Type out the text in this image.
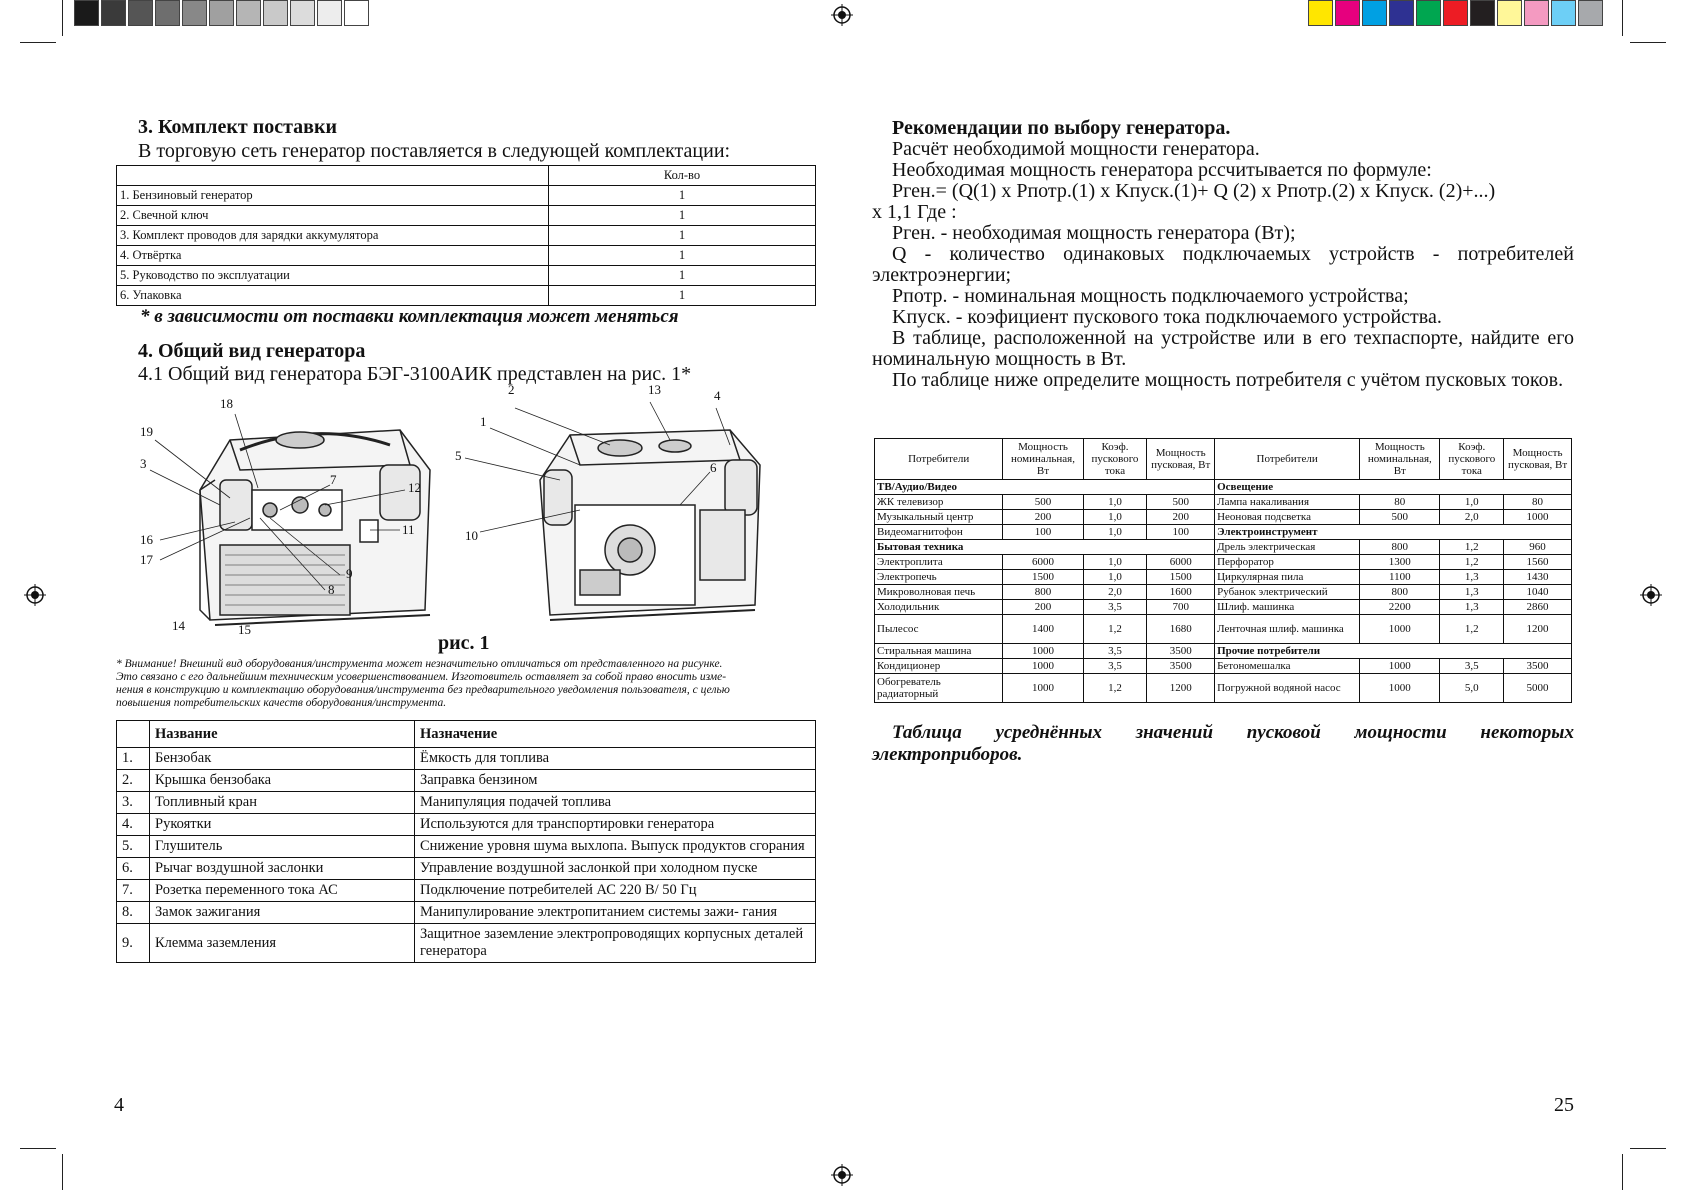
3. Комплект поставки
В торговую сеть генератор поставляется в следующей комплектации:
	Кол-во
1. Бензиновый генератор	1
2. Свечной ключ	1
3. Комплект проводов для зарядки аккумулятора	1
4. Отвёртка	1
5. Руководство по эксплуатации	1
6. Упаковка	1
* в зависимости от поставки комплектация может меняться
4. Общий вид генератора
4.1 Общий вид генератора БЭГ-3100АИК представлен на рис. 1*
18
19
3
7
12
16
17
11
14	15
8
9
2	13	4
1
5
6
10
рис. 1
* Внимание! Внешний вид оборудования/инструмента может незначительно отличаться от представленного на рисунке.
Это связано с его дальнейшим техническим усовершенствованием. Изготовитель оставляет за собой право вносить изме-
нения в конструкцию и комплектацию оборудования/инструмента без предварительного уведомления пользователя, с целью
повышения потребительских качеств оборудования/инструмента.
	Название	Назначение
1.	Бензобак	Ёмкость для топлива
2.	Крышка бензобака	Заправка бензином
3.	Топливный кран	Манипуляция подачей топлива
4.	Рукоятки	Используются для транспортировки генератора
5.	Глушитель	Снижение уровня шума выхлопа. Выпуск продуктов сгорания
6.	Рычаг воздушной заслонки	Управление воздушной заслонкой при холодном пуске
7.	Розетка переменного тока АС	Подключение потребителей АС 220 В/ 50 Гц
8.	Замок зажигания	Манипулирование электропитанием системы зажи- гания
9.	Клемма заземления	Защитное заземление электропроводящих корпусных деталей генератора
4

Рекомендации по выбору генератора.

Расчёт необходимой мощности генератора.

Необходимая мощность генератора рссчитывается по формуле:

Pген.= (Q(1) х Pпотр.(1) х Kпуск.(1)+ Q (2) х Pпотр.(2) х Kпуск. (2)+...)

х 1,1 Где :

Pген. - необходимая мощность генератора (Вт);

Q - количество одинаковых подключаемых устройств - потребителей электроэнергии;

Pпотр. - номинальная мощность подключаемого устройства;

Kпуск. - коэфициент пускового тока подключаемого устройства.

В таблице, расположенной на устройстве или в его техпаспорте, найдите его номинальную мощность в Вт.

По таблице ниже определите мощность потребителя с учётом пусковых токов.

Потребители	Мощность номинальная, Вт	Коэф. пускового тока	Мощность пусковая, Вт	Потребители	Мощность номинальная, Вт	Коэф. пускового тока	Мощность пусковая, Вт
ТВ/Аудио/Видео				Освещение			
ЖК телевизор	500	1,0	500	Лампа накаливания	80	1,0	80
Музыкальный центр	200	1,0	200	Неоновая подсветка	500	2,0	1000
Видеомагнитофон	100	1,0	100	Электроинструмент			
Бытовая техника				Дрель электрическая	800	1,2	960
Электроплита	6000	1,0	6000	Перфоратор	1300	1,2	1560
Электропечь	1500	1,0	1500	Циркулярная пила	1100	1,3	1430
Микроволновая печь	800	2,0	1600	Рубанок электрический	800	1,3	1040
Холодильник	200	3,5	700	Шлиф. машинка	2200	1,3	2860
Пылесос	1400	1,2	1680	Ленточная шлиф. машинка	1000	1,2	1200
Стиральная машина	1000	3,5	3500	Прочие потребители			
Кондиционер	1000	3,5	3500	Бетономешалка	1000	3,5	3500
Обогреватель радиаторный	1000	1,2	1200	Погружной водяной насос	1000	5,0	5000
Таблица усреднённых значений пусковой мощности некоторых электроприборов.
25
